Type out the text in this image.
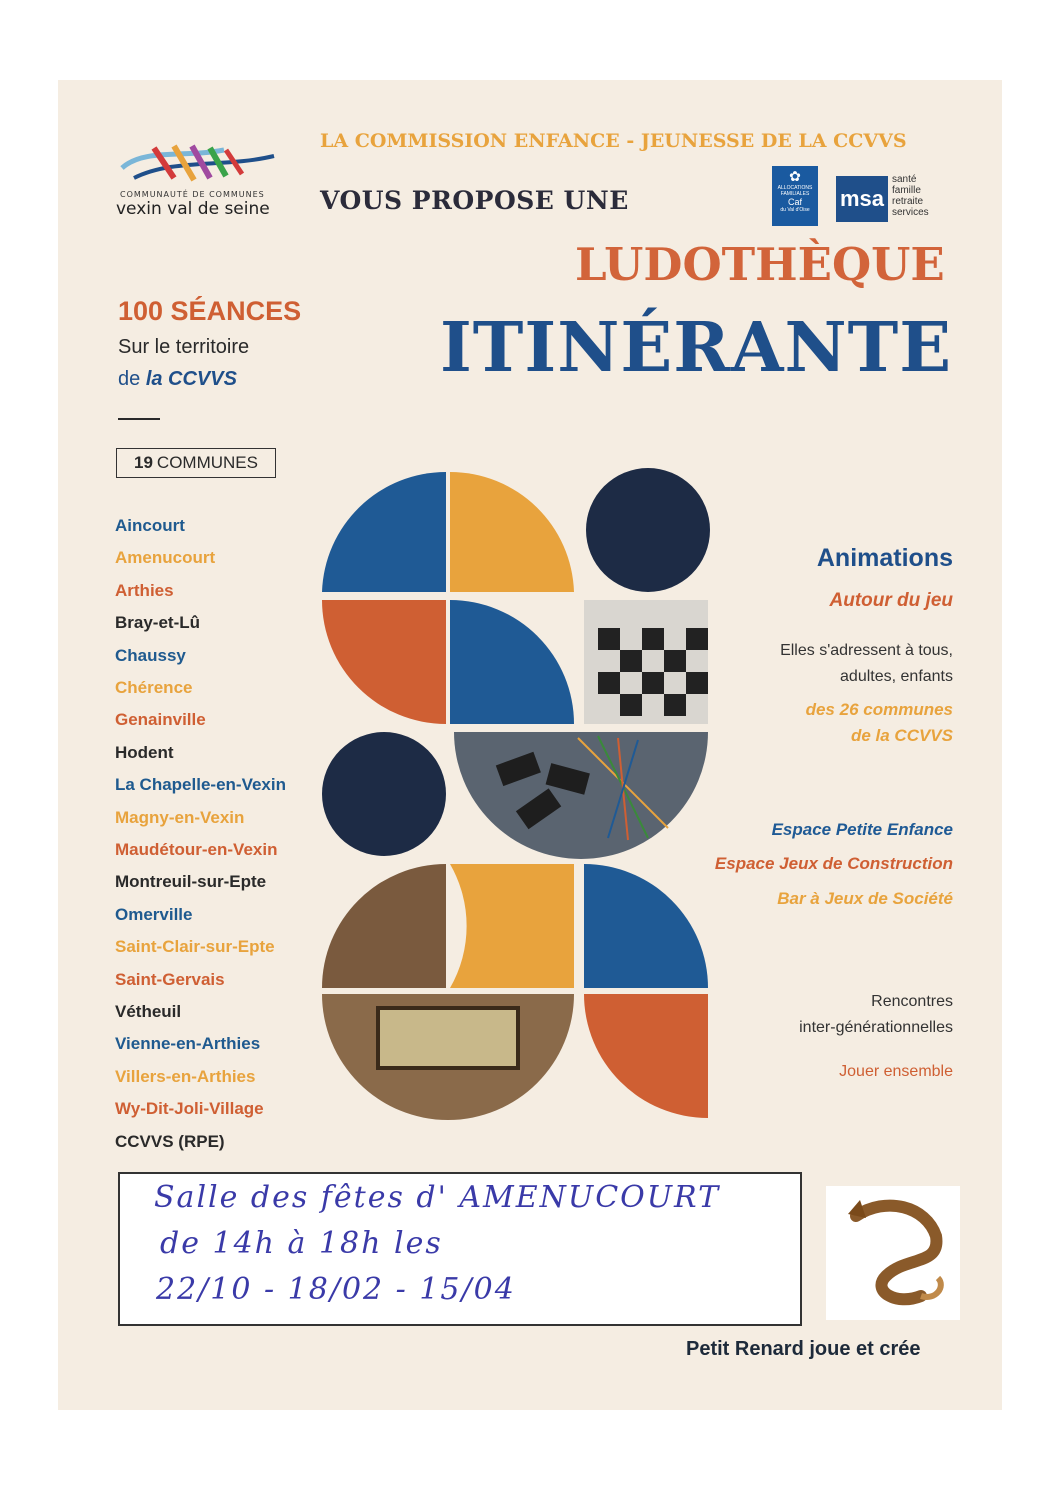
COMMUNAUTÉ DE COMMUNES
vexin val de seine
LA COMMISSION ENFANCE - JEUNESSE DE LA CCVVS
VOUS PROPOSE UNE
LUDOTHÈQUE
ITINÉRANTE
✿
ALLOCATIONS
FAMILIALES
Caf
du Val d'Oise	msa
santé
famille
retraite
services
100 SÉANCES
Sur le territoire
de la CCVVS
19 COMMUNES
Aincourt
Amenucourt
Arthies
Bray-et-Lû
Chaussy
Chérence
Genainville
Hodent
La Chapelle-en-Vexin
Magny-en-Vexin
Maudétour-en-Vexin
Montreuil-sur-Epte
Omerville
Saint-Clair-sur-Epte
Saint-Gervais
Vétheuil
Vienne-en-Arthies
Villers-en-Arthies
Wy-Dit-Joli-Village
CCVVS (RPE)
Animations
Autour du jeu
Elles s'adressent à tous,
adultes, enfants
des 26 communes
de la CCVVS
Espace Petite Enfance
Espace Jeux de Construction
Bar à Jeux de Société
Rencontres
inter-générationnelles
Jouer ensemble
Salle des fêtes d' AMENUCOURT
de 14h à 18h les
22/10 - 18/02 - 15/04
Petit Renard joue et crée
